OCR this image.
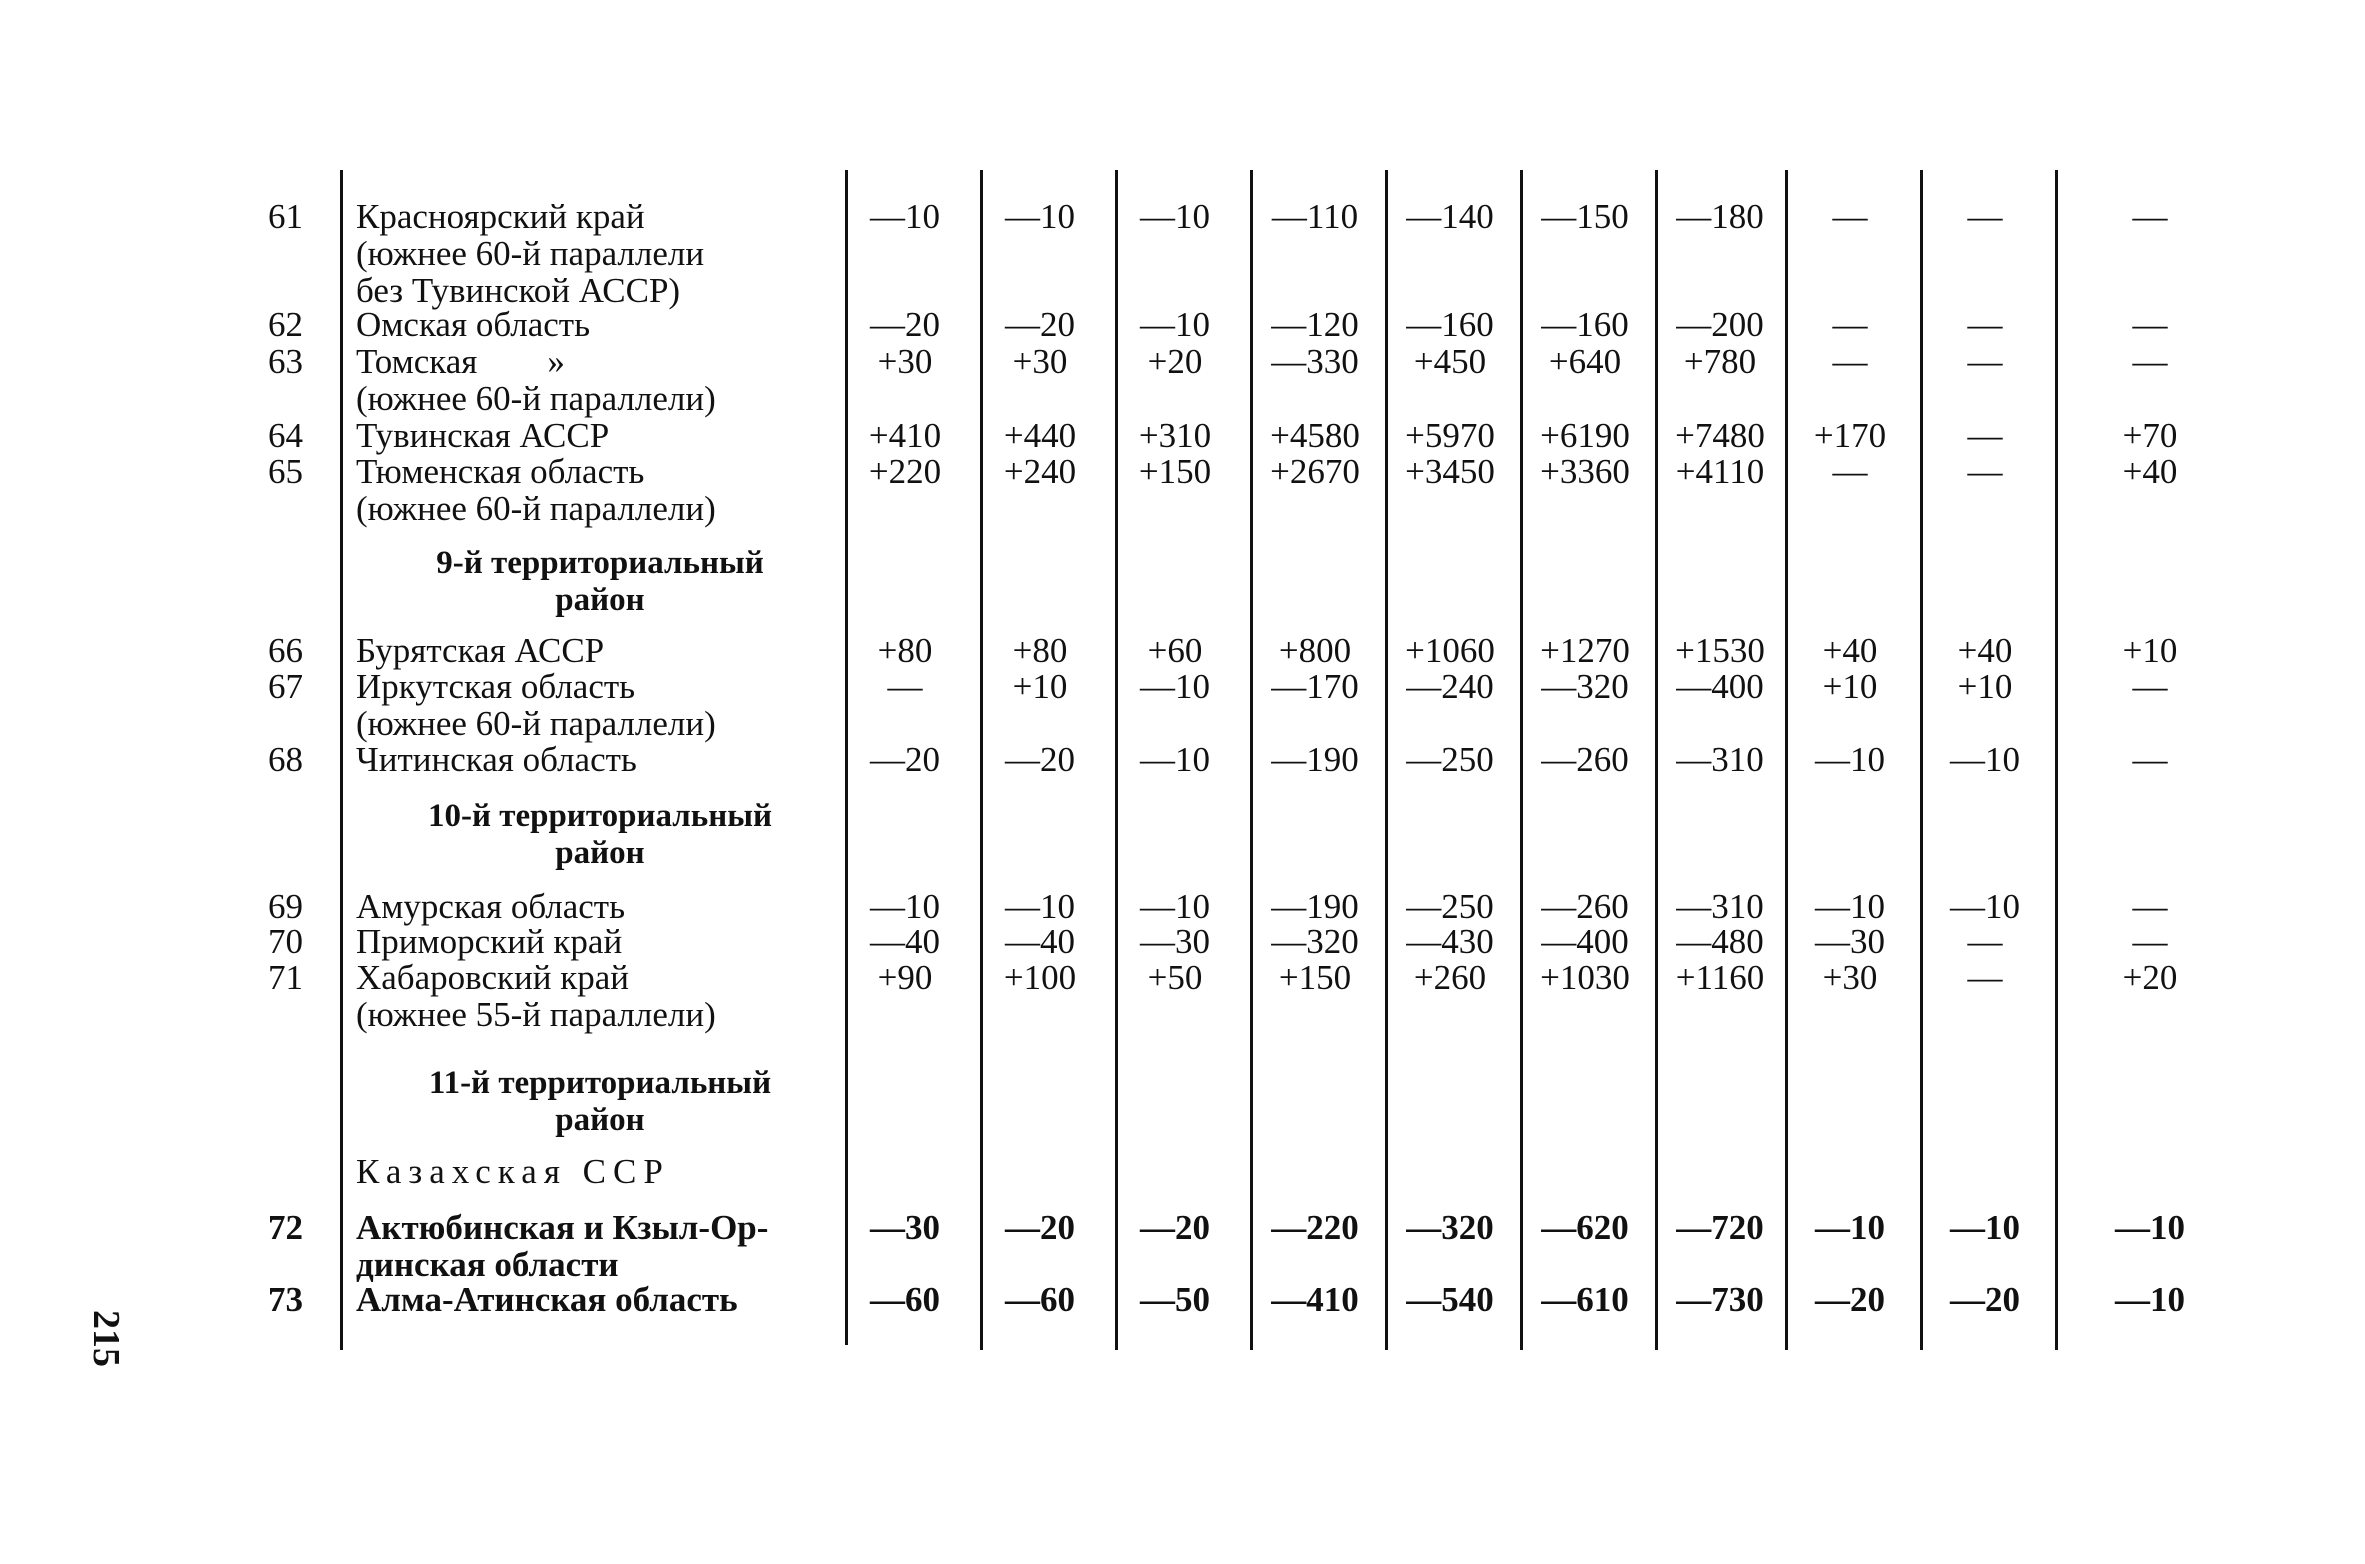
215
61 Красноярский край
(южнее 60-й параллели
без Тувинской АССР)
—10	—10	—10	—110	—140	—150	—180	—	—	—
62 Омская область	—20	—20	—10	—120	—160	—160	—200	—	—	—
63 Томская        »
(южнее 60-й параллели)
+30	+30	+20	—330	+450	+640	+780	—	—	—
64 Тувинская АССР	+410	+440	+310	+4580	+5970	+6190	+7480	+170	—	+70
65 Тюменская область
(южнее 60-й параллели)
+220	+240	+150	+2670	+3450	+3360	+4110	—	—	+40
9-й территориальный
район
66 Бурятская АССР	+80	+80	+60	+800	+1060	+1270	+1530	+40	+40	+10
67 Иркутская область
(южнее 60-й параллели)
—	+10	—10	—170	—240	—320	—400	+10	+10	—
68 Читинская область	—20	—20	—10	—190	—250	—260	—310	—10	—10	—
10-й территориальный
район
69 Амурская область	—10	—10	—10	—190	—250	—260	—310	—10	—10	—
70 Приморский край	—40	—40	—30	—320	—430	—400	—480	—30	—	—
71 Хабаровский край
(южнее 55-й параллели)
+90	+100	+50	+150	+260	+1030	+1160	+30	—	+20
11-й территориальный
район
Казахская ССР
72 Актюбинская и Кзыл-Ор-
динская области
—30	—20	—20	—220	—320	—620	—720	—10	—10	—10
73 Алма-Атинская область	—60	—60	—50	—410	—540	—610	—730	—20	—20	—10
